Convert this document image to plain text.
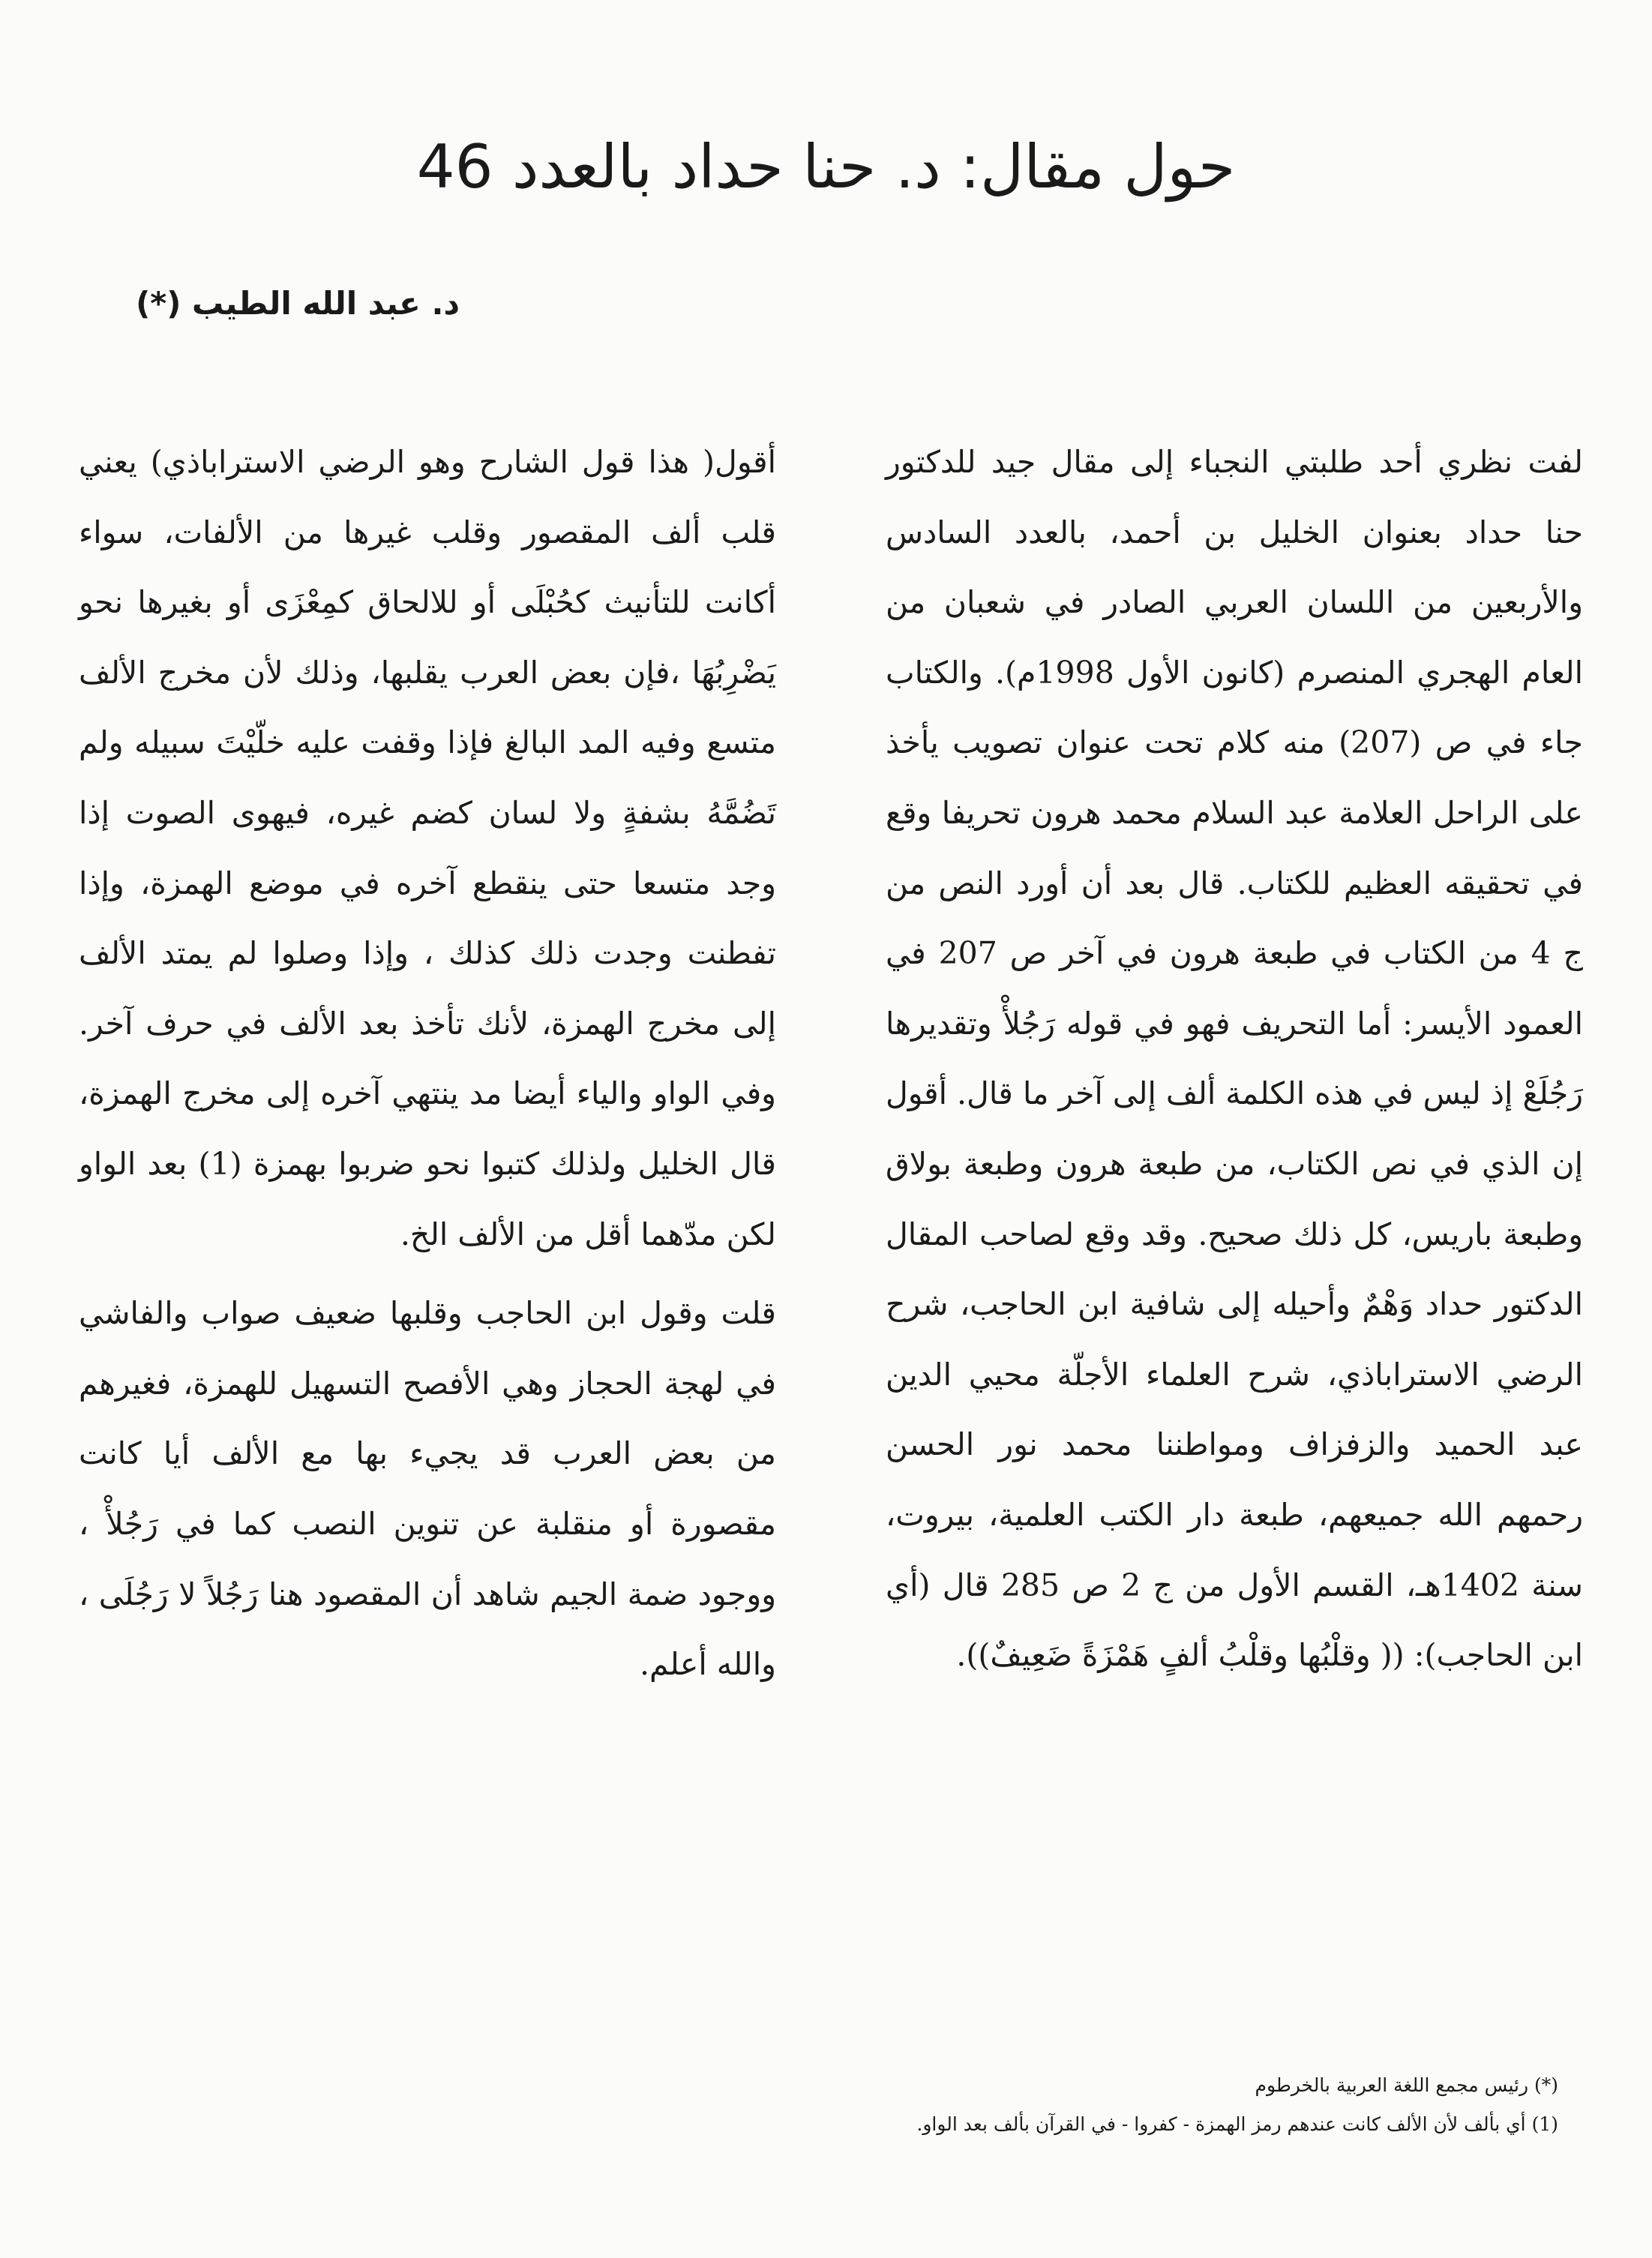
حول مقال: د. حنا حداد بالعدد 46
د. عبد الله الطيب (*)

لفت نظري أحد طلبتي النجباء إلى مقال جيد للدكتور حنا حداد بعنوان الخليل بن أحمد، بالعدد السادس والأربعين من اللسان العربي الصادر في شعبان من العام الهجري المنصرم (كانون الأول 1998م). والكتاب جاء في ص (207) منه كلام تحت عنوان تصويب يأخذ على الراحل العلامة عبد السلام محمد هرون تحريفا وقع في تحقيقه العظيم للكتاب. قال بعد أن أورد النص من ج 4 من الكتاب في طبعة هرون في آخر ص 207 في العمود الأيسر: أما التحريف فهو في قوله رَجُلأْ وتقديرها رَجُلَعْ إذ ليس في هذه الكلمة ألف إلى آخر ما قال. أقول إن الذي في نص الكتاب، من طبعة هرون وطبعة بولاق وطبعة باريس، كل ذلك صحيح. وقد وقع لصاحب المقال الدكتور حداد وَهْمٌ وأحيله إلى شافية ابن الحاجب، شرح الرضي الاستراباذي، شرح العلماء الأجلّة محيي الدين عبد الحميد والزفزاف ومواطننا محمد نور الحسن رحمهم الله جميعهم، طبعة دار الكتب العلمية، بيروت، سنة 1402هـ، القسم الأول من ج 2 ص 285 قال (أي ابن الحاجب): (( وقلْبُها وقلْبُ ألفٍ هَمْزَةً ضَعِيفٌ)).

أقول( هذا قول الشارح وهو الرضي الاستراباذي) يعني قلب ألف المقصور وقلب غيرها من الألفات، سواء أكانت للتأنيث كحُبْلَى أو للالحاق كمِعْزَى أو بغيرها نحو يَضْرِبُهَا ،فإن بعض العرب يقلبها، وذلك لأن مخرج الألف متسع وفيه المد البالغ فإذا وقفت عليه خلّيْتَ سبيله ولم تَضُمَّهُ بشفةٍ ولا لسان كضم غيره، فيهوى الصوت إذا وجد متسعا حتى ينقطع آخره في موضع الهمزة، وإذا تفطنت وجدت ذلك كذلك ، وإذا وصلوا لم يمتد الألف إلى مخرج الهمزة، لأنك تأخذ بعد الألف في حرف آخر. وفي الواو والياء أيضا مد ينتهي آخره إلى مخرج الهمزة، قال الخليل ولذلك كتبوا نحو ضربوا بهمزة (1) بعد الواو لكن مدّهما أقل من الألف الخ.

قلت وقول ابن الحاجب وقلبها ضعيف صواب والفاشي في لهجة الحجاز وهي الأفصح التسهيل للهمزة، فغيرهم من بعض العرب قد يجيء بها مع الألف أيا كانت مقصورة أو منقلبة عن تنوين النصب كما في رَجُلأْ ، ووجود ضمة الجيم شاهد أن المقصود هنا رَجُلاً لا رَجُلَى ، والله أعلم.

(*) رئيس مجمع اللغة العربية بالخرطوم

(1) أي بألف لأن الألف كانت عندهم رمز الهمزة - كفروا - في القرآن بألف بعد الواو.
